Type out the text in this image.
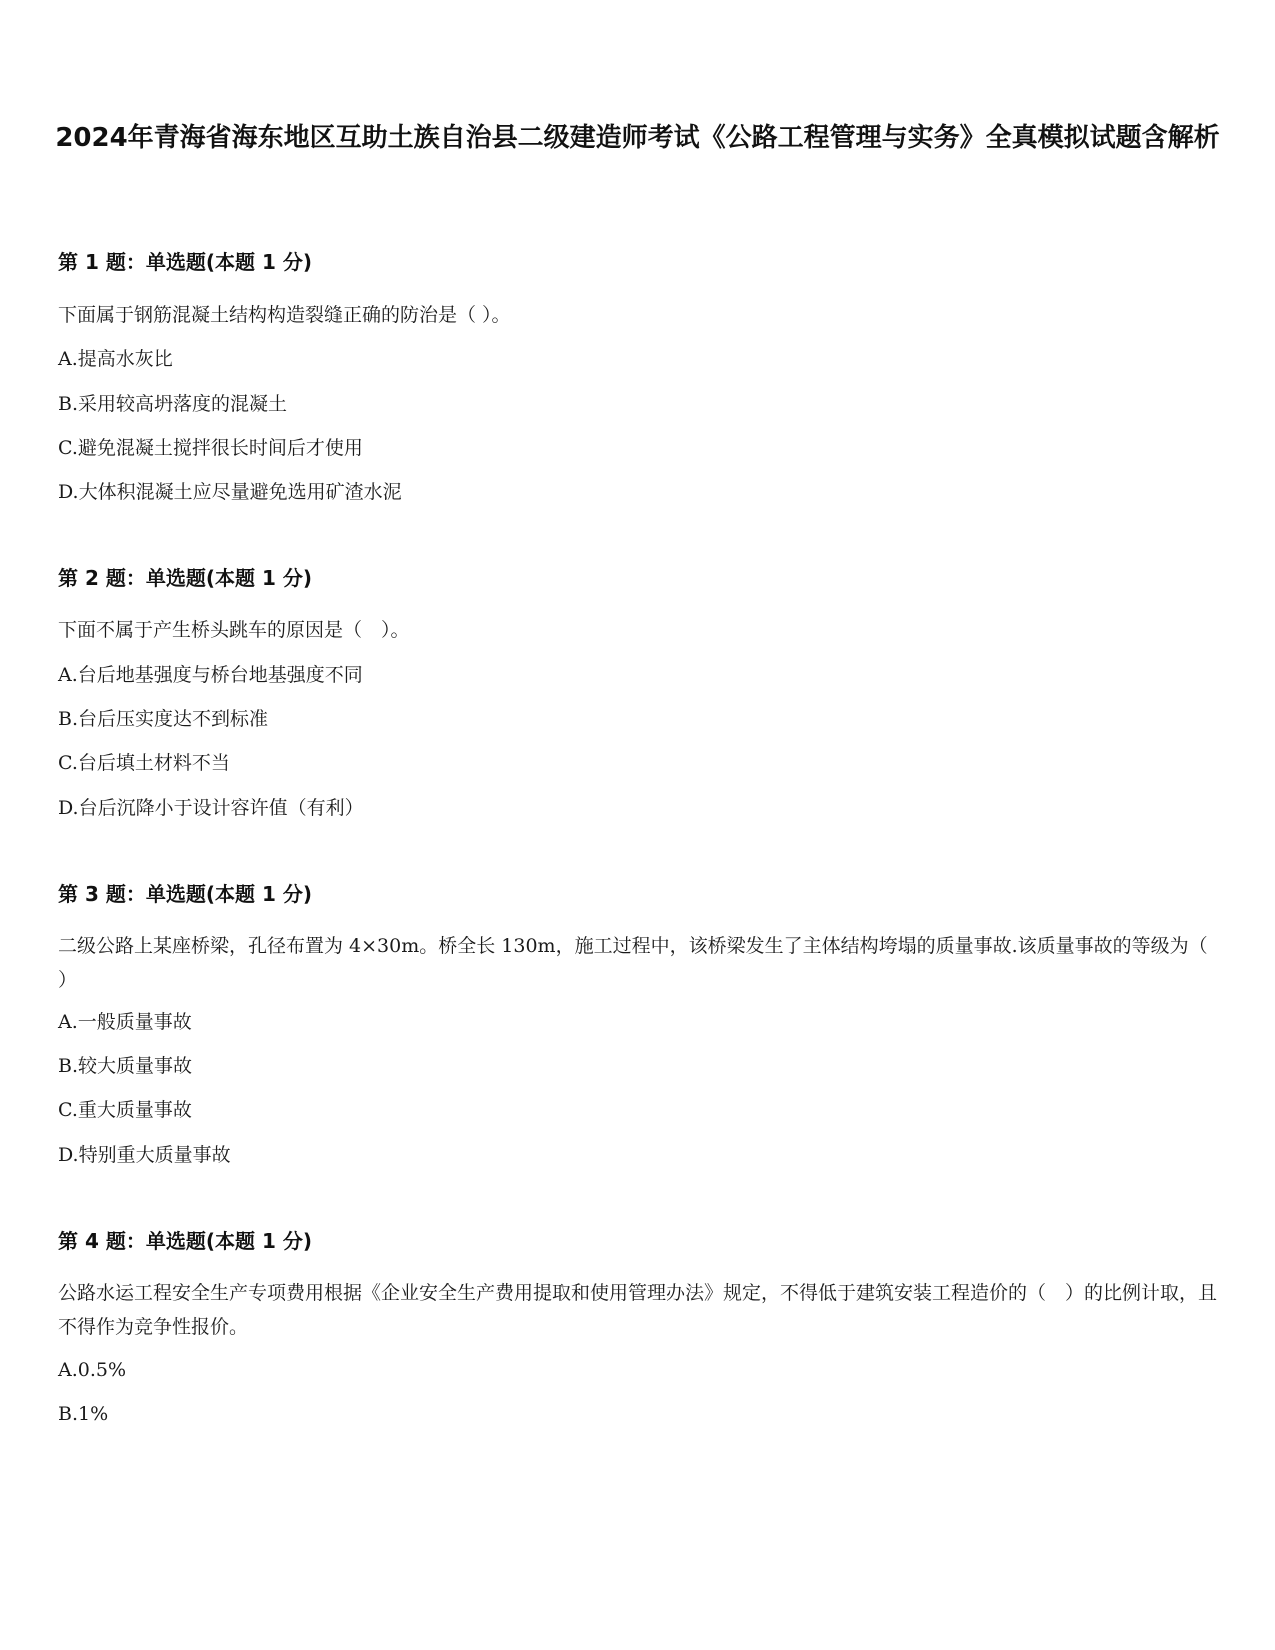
2024年青海省海东地区互助土族自治县二级建造师考试《公路工程管理与实务》全真模拟试题含解析
第 1 题：单选题(本题 1 分)

下面属于钢筋混凝土结构构造裂缝正确的防治是（ ）。

A.提高水灰比

B.采用较高坍落度的混凝土

C.避免混凝土搅拌很长时间后才使用

D.大体积混凝土应尽量避免选用矿渣水泥

第 2 题：单选题(本题 1 分)

下面不属于产生桥头跳车的原因是（　）。

A.台后地基强度与桥台地基强度不同

B.台后压实度达不到标准

C.台后填土材料不当

D.台后沉降小于设计容许值（有利）

第 3 题：单选题(本题 1 分)

二级公路上某座桥梁，孔径布置为 4×30m。桥全长 130m，施工过程中，该桥梁发生了主体结构垮塌的质量事故.该质量事故的等级为（ ）

A.一般质量事故

B.较大质量事故

C.重大质量事故

D.特别重大质量事故

第 4 题：单选题(本题 1 分)

公路水运工程安全生产专项费用根据《企业安全生产费用提取和使用管理办法》规定，不得低于建筑安装工程造价的（　）的比例计取，且不得作为竞争性报价。

A.0.5%

B.1%
